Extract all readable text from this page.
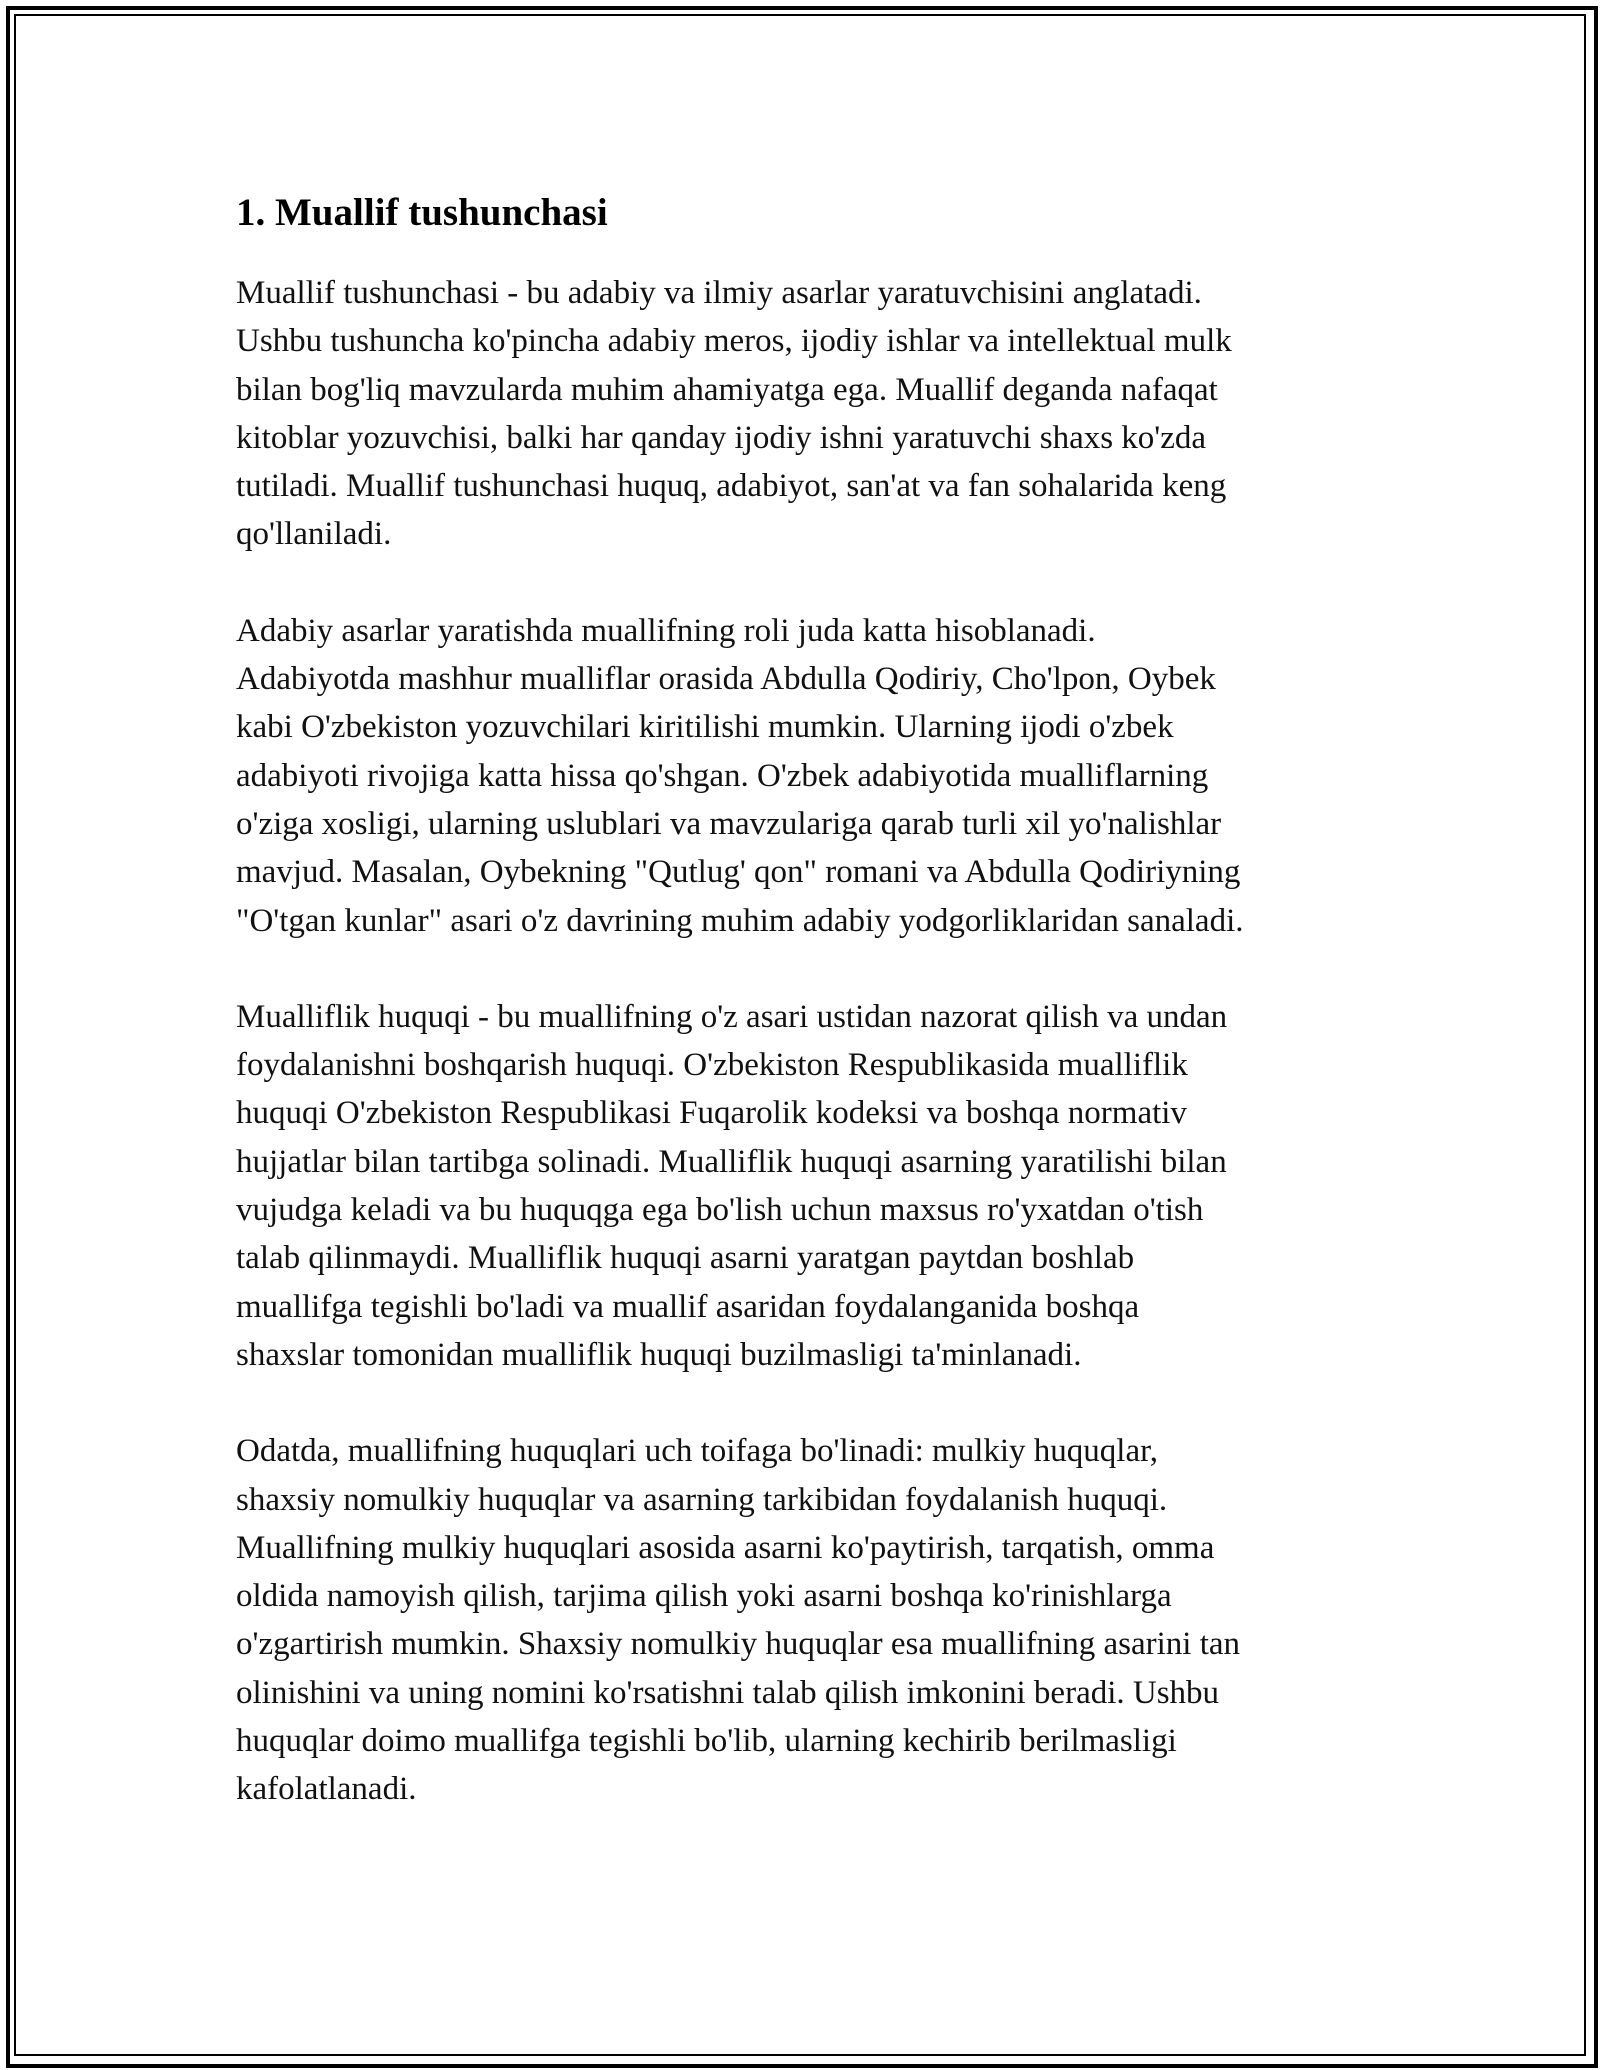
1. Muallif tushunchasi

Muallif tushunchasi - bu adabiy va ilmiy asarlar yaratuvchisini anglatadi.
Ushbu tushuncha ko'pincha adabiy meros, ijodiy ishlar va intellektual mulk
bilan bog'liq mavzularda muhim ahamiyatga ega. Muallif deganda nafaqat
kitoblar yozuvchisi, balki har qanday ijodiy ishni yaratuvchi shaxs ko'zda
tutiladi. Muallif tushunchasi huquq, adabiyot, san'at va fan sohalarida keng
qo'llaniladi.

Adabiy asarlar yaratishda muallifning roli juda katta hisoblanadi.
Adabiyotda mashhur mualliflar orasida Abdulla Qodiriy, Cho'lpon, Oybek
kabi O'zbekiston yozuvchilari kiritilishi mumkin. Ularning ijodi o'zbek
adabiyoti rivojiga katta hissa qo'shgan. O'zbek adabiyotida mualliflarning
o'ziga xosligi, ularning uslublari va mavzulariga qarab turli xil yo'nalishlar
mavjud. Masalan, Oybekning "Qutlug' qon" romani va Abdulla Qodiriyning
"O'tgan kunlar" asari o'z davrining muhim adabiy yodgorliklaridan sanaladi.

Mualliflik huquqi - bu muallifning o'z asari ustidan nazorat qilish va undan
foydalanishni boshqarish huquqi. O'zbekiston Respublikasida mualliflik
huquqi O'zbekiston Respublikasi Fuqarolik kodeksi va boshqa normativ
hujjatlar bilan tartibga solinadi. Mualliflik huquqi asarning yaratilishi bilan
vujudga keladi va bu huquqga ega bo'lish uchun maxsus ro'yxatdan o'tish
talab qilinmaydi. Mualliflik huquqi asarni yaratgan paytdan boshlab
muallifga tegishli bo'ladi va muallif asaridan foydalanganida boshqa
shaxslar tomonidan mualliflik huquqi buzilmasligi ta'minlanadi.

Odatda, muallifning huquqlari uch toifaga bo'linadi: mulkiy huquqlar,
shaxsiy nomulkiy huquqlar va asarning tarkibidan foydalanish huquqi.
Muallifning mulkiy huquqlari asosida asarni ko'paytirish, tarqatish, omma
oldida namoyish qilish, tarjima qilish yoki asarni boshqa ko'rinishlarga
o'zgartirish mumkin. Shaxsiy nomulkiy huquqlar esa muallifning asarini tan
olinishini va uning nomini ko'rsatishni talab qilish imkonini beradi. Ushbu
huquqlar doimo muallifga tegishli bo'lib, ularning kechirib berilmasligi
kafolatlanadi.
